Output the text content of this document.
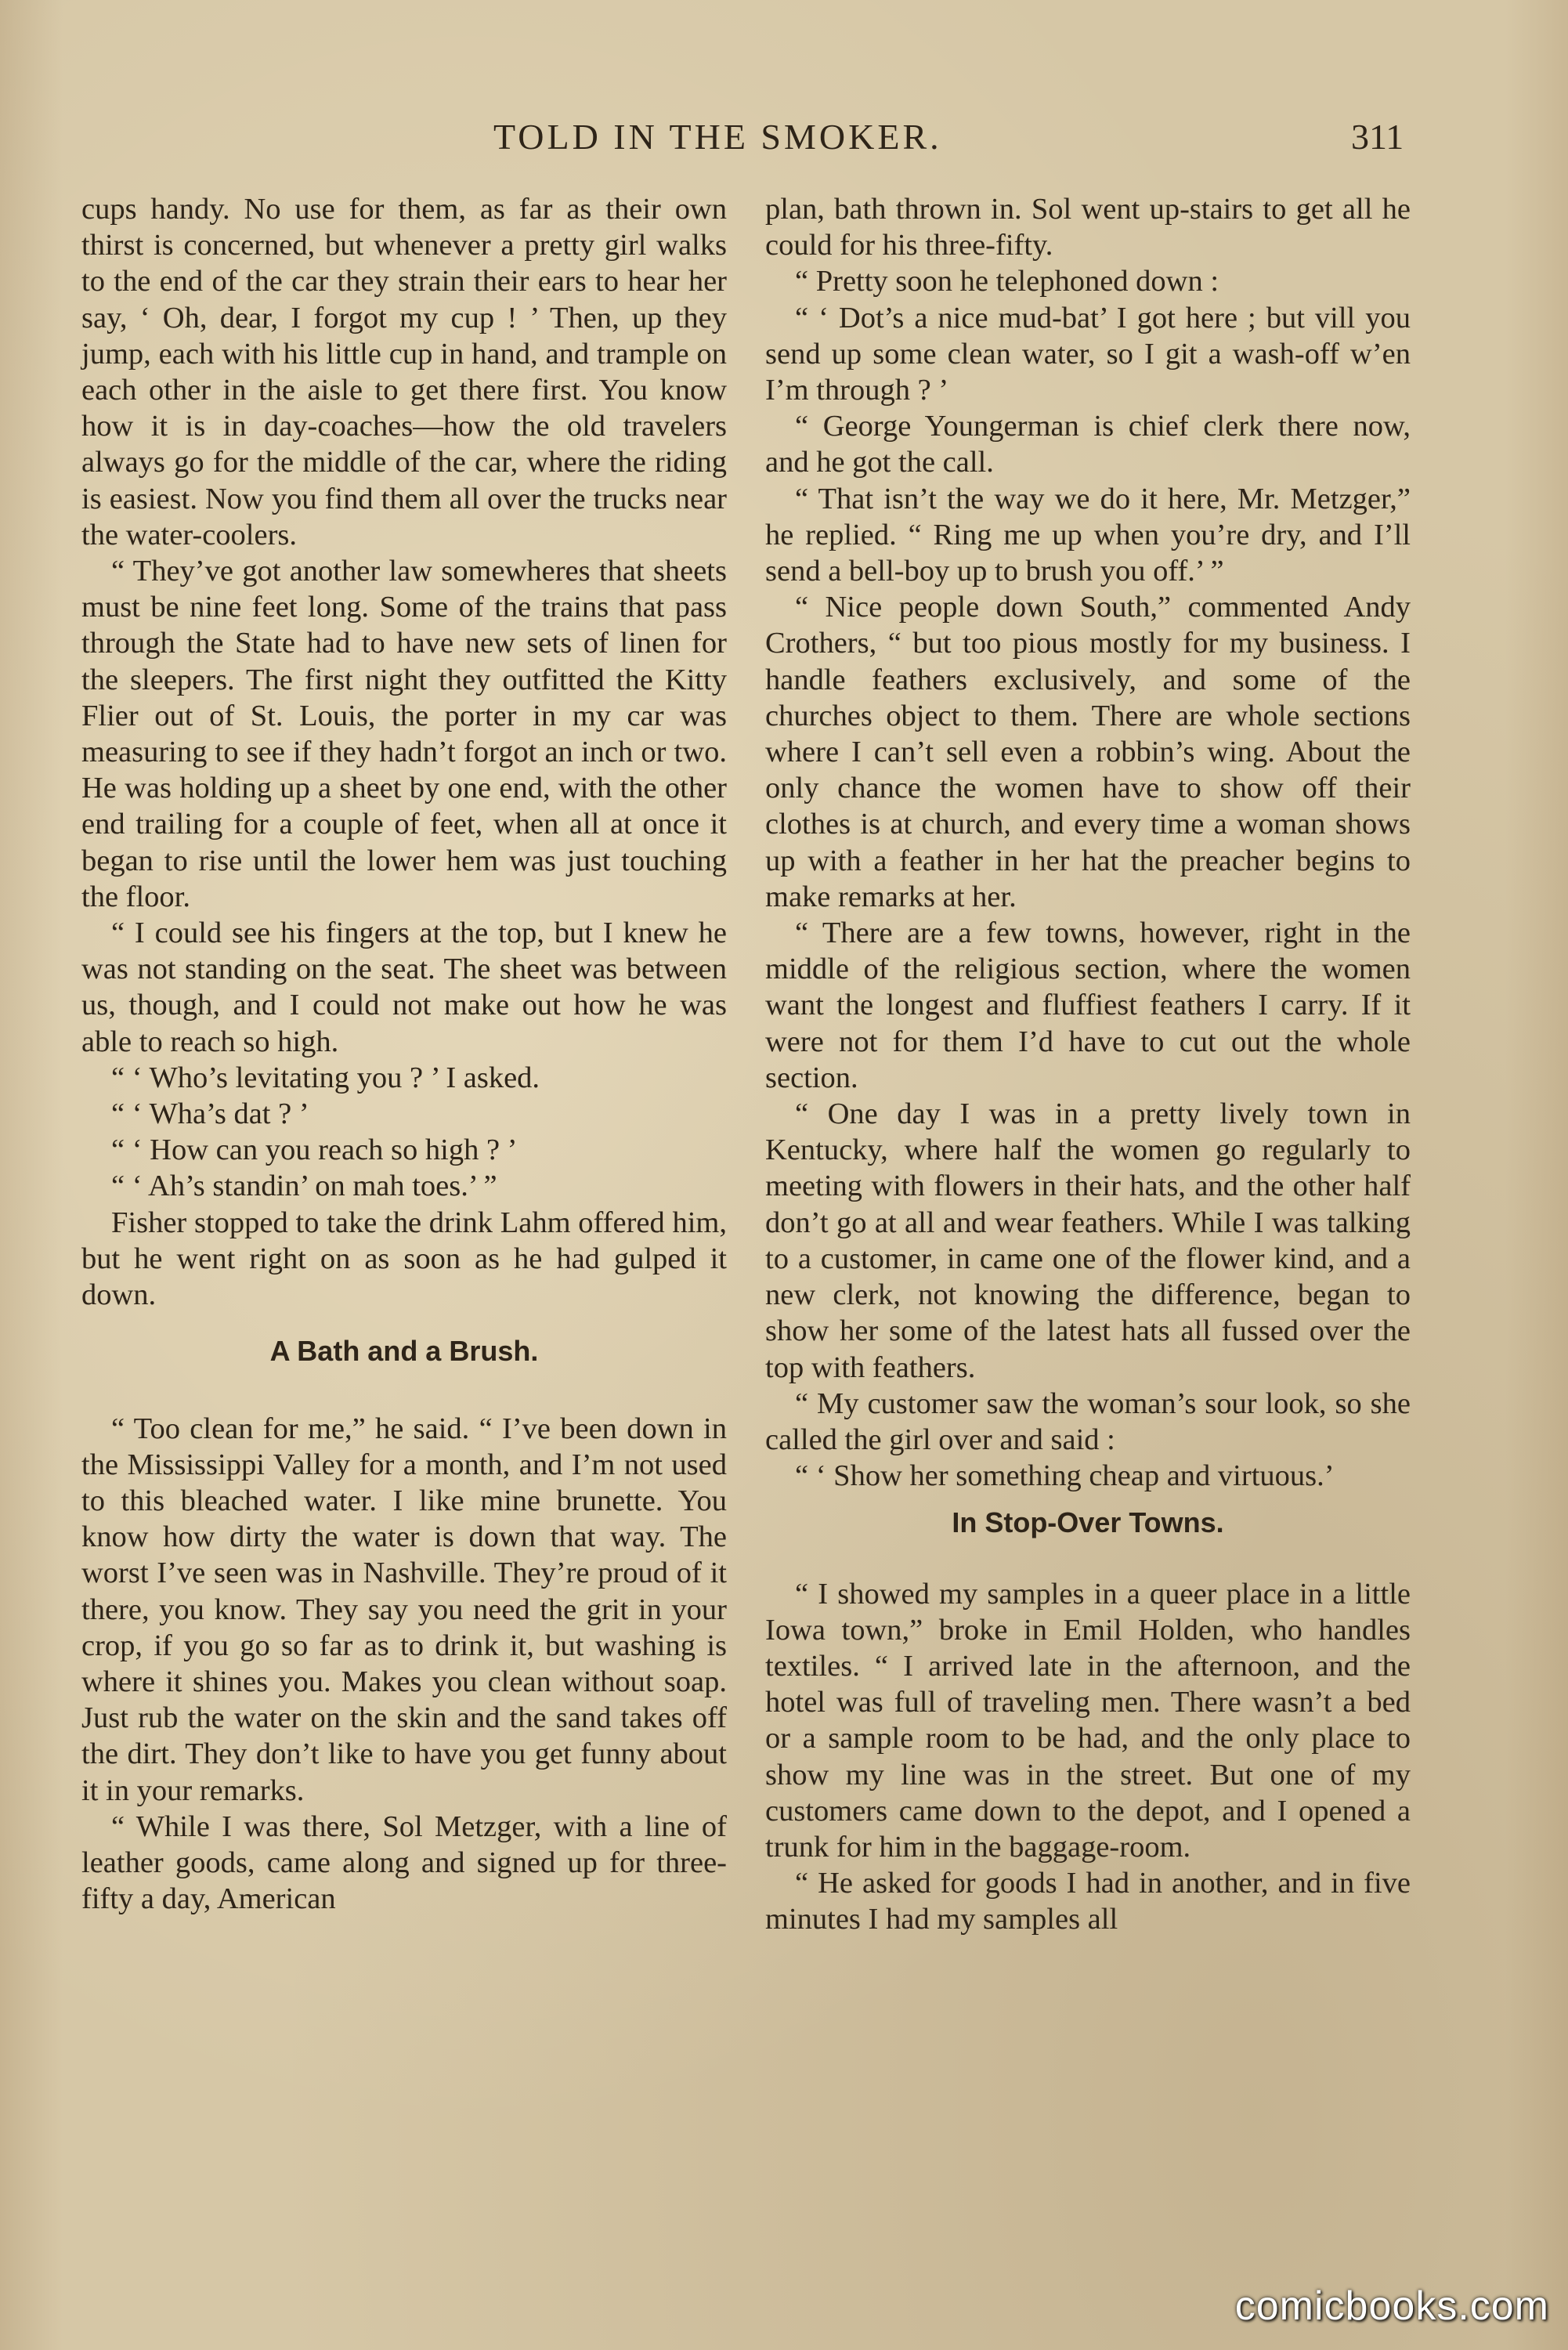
TOLD IN THE SMOKER.	311

cups handy. No use for them, as far as their own thirst is concerned, but whenever a pretty girl walks to the end of the car they strain their ears to hear her say, ‘ Oh, dear, I forgot my cup ! ’ Then, up they jump, each with his little cup in hand, and trample on each other in the aisle to get there first. You know how it is in day-coaches—how the old travelers always go for the middle of the car, where the riding is easiest. Now you find them all over the trucks near the water-coolers.

“ They’ve got another law somewheres that sheets must be nine feet long. Some of the trains that pass through the State had to have new sets of linen for the sleepers. The first night they outfitted the Kitty Flier out of St. Louis, the porter in my car was measuring to see if they hadn’t forgot an inch or two. He was holding up a sheet by one end, with the other end trailing for a couple of feet, when all at once it began to rise until the lower hem was just touching the floor.

“ I could see his fingers at the top, but I knew he was not standing on the seat. The sheet was between us, though, and I could not make out how he was able to reach so high.

“ ‘ Who’s levitating you ? ’ I asked.

“ ‘ Wha’s dat ? ’

“ ‘ How can you reach so high ? ’

“ ‘ Ah’s standin’ on mah toes.’ ”

Fisher stopped to take the drink Lahm offered him, but he went right on as soon as he had gulped it down.

A Bath and a Brush.

“ Too clean for me,” he said. “ I’ve been down in the Mississippi Valley for a month, and I’m not used to this bleached water. I like mine brunette. You know how dirty the water is down that way. The worst I’ve seen was in Nashville. They’re proud of it there, you know. They say you need the grit in your crop, if you go so far as to drink it, but washing is where it shines you. Makes you clean without soap. Just rub the water on the skin and the sand takes off the dirt. They don’t like to have you get funny about it in your remarks.

“ While I was there, Sol Metzger, with a line of leather goods, came along and signed up for three-fifty a day, American

plan, bath thrown in. Sol went up-stairs to get all he could for his three-fifty.

“ Pretty soon he telephoned down :

“ ‘ Dot’s a nice mud-bat’ I got here ; but vill you send up some clean water, so I git a wash-off w’en I’m through ? ’

“ George Youngerman is chief clerk there now, and he got the call.

“ That isn’t the way we do it here, Mr. Metzger,” he replied. “ Ring me up when you’re dry, and I’ll send a bell-boy up to brush you off.’ ”

“ Nice people down South,” commented Andy Crothers, “ but too pious mostly for my business. I handle feathers exclusively, and some of the churches object to them. There are whole sections where I can’t sell even a robbin’s wing. About the only chance the women have to show off their clothes is at church, and every time a woman shows up with a feather in her hat the preacher begins to make remarks at her.

“ There are a few towns, however, right in the middle of the religious section, where the women want the longest and fluffiest feathers I carry. If it were not for them I’d have to cut out the whole section.

“ One day I was in a pretty lively town in Kentucky, where half the women go regularly to meeting with flowers in their hats, and the other half don’t go at all and wear feathers. While I was talking to a customer, in came one of the flower kind, and a new clerk, not knowing the difference, began to show her some of the latest hats all fussed over the top with feathers.

“ My customer saw the woman’s sour look, so she called the girl over and said :

“ ‘ Show her something cheap and virtuous.’

In Stop-Over Towns.

“ I showed my samples in a queer place in a little Iowa town,” broke in Emil Holden, who handles textiles. “ I arrived late in the afternoon, and the hotel was full of traveling men. There wasn’t a bed or a sample room to be had, and the only place to show my line was in the street. But one of my customers came down to the depot, and I opened a trunk for him in the baggage-room.

“ He asked for goods I had in another, and in five minutes I had my samples all

comicbooks.com
